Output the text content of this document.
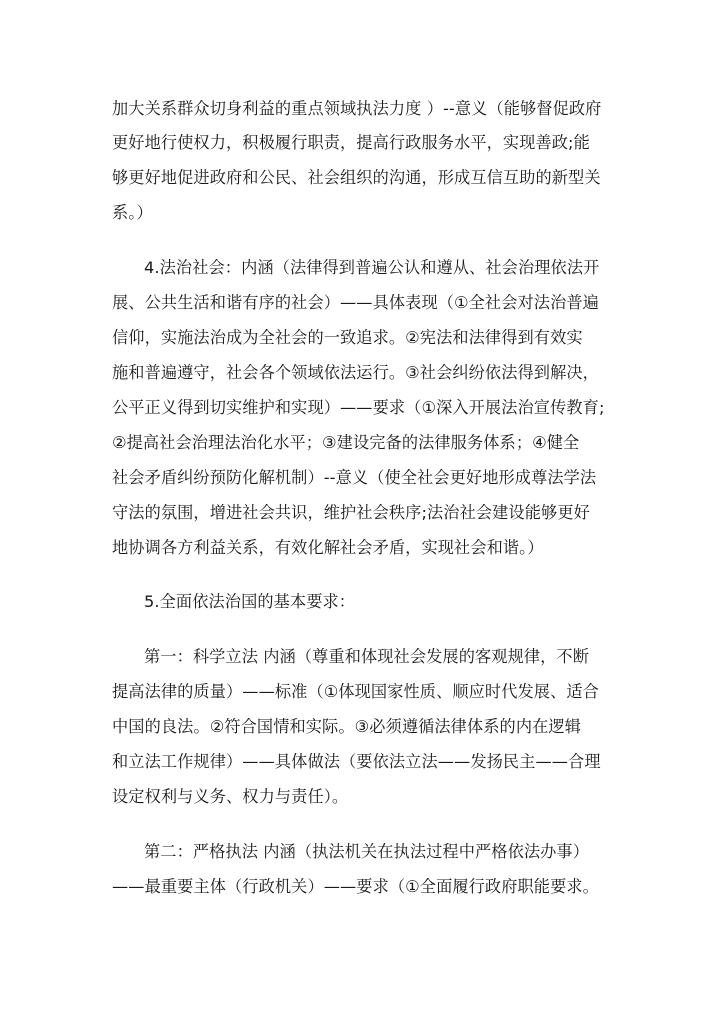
加大关系群众切身利益的重点领域执法力度 ）--意义（能够督促政府
更好地行使权力，积极履行职责，提高行政服务水平，实现善政;能
够更好地促进政府和公民、社会组织的沟通，形成互信互助的新型关
系。）
4.法治社会：内涵（法律得到普遍公认和遵从、社会治理依法开
展、公共生活和谐有序的社会）——具体表现（①全社会对法治普遍
信仰，实施法治成为全社会的一致追求。②宪法和法律得到有效实
施和普遍遵守，社会各个领域依法运行。③社会纠纷依法得到解决，
公平正义得到切实维护和实现）——要求（①深入开展法治宣传教育;
②提高社会治理法治化水平；③建设完备的法律服务体系；④健全
社会矛盾纠纷预防化解机制）--意义（使全社会更好地形成尊法学法
守法的氛围，增进社会共识，维护社会秩序;法治社会建设能够更好
地协调各方利益关系，有效化解社会矛盾，实现社会和谐。）
5.全面依法治国的基本要求：
第一：科学立法 内涵（尊重和体现社会发展的客观规律，不断
提高法律的质量）——标准（①体现国家性质、顺应时代发展、适合
中国的良法。②符合国情和实际。③必须遵循法律体系的内在逻辑
和立法工作规律）——具体做法（要依法立法——发扬民主——合理
设定权利与义务、权力与责任）。
第二：严格执法 内涵（执法机关在执法过程中严格依法办事）
——最重要主体（行政机关）——要求（①全面履行政府职能要求。
